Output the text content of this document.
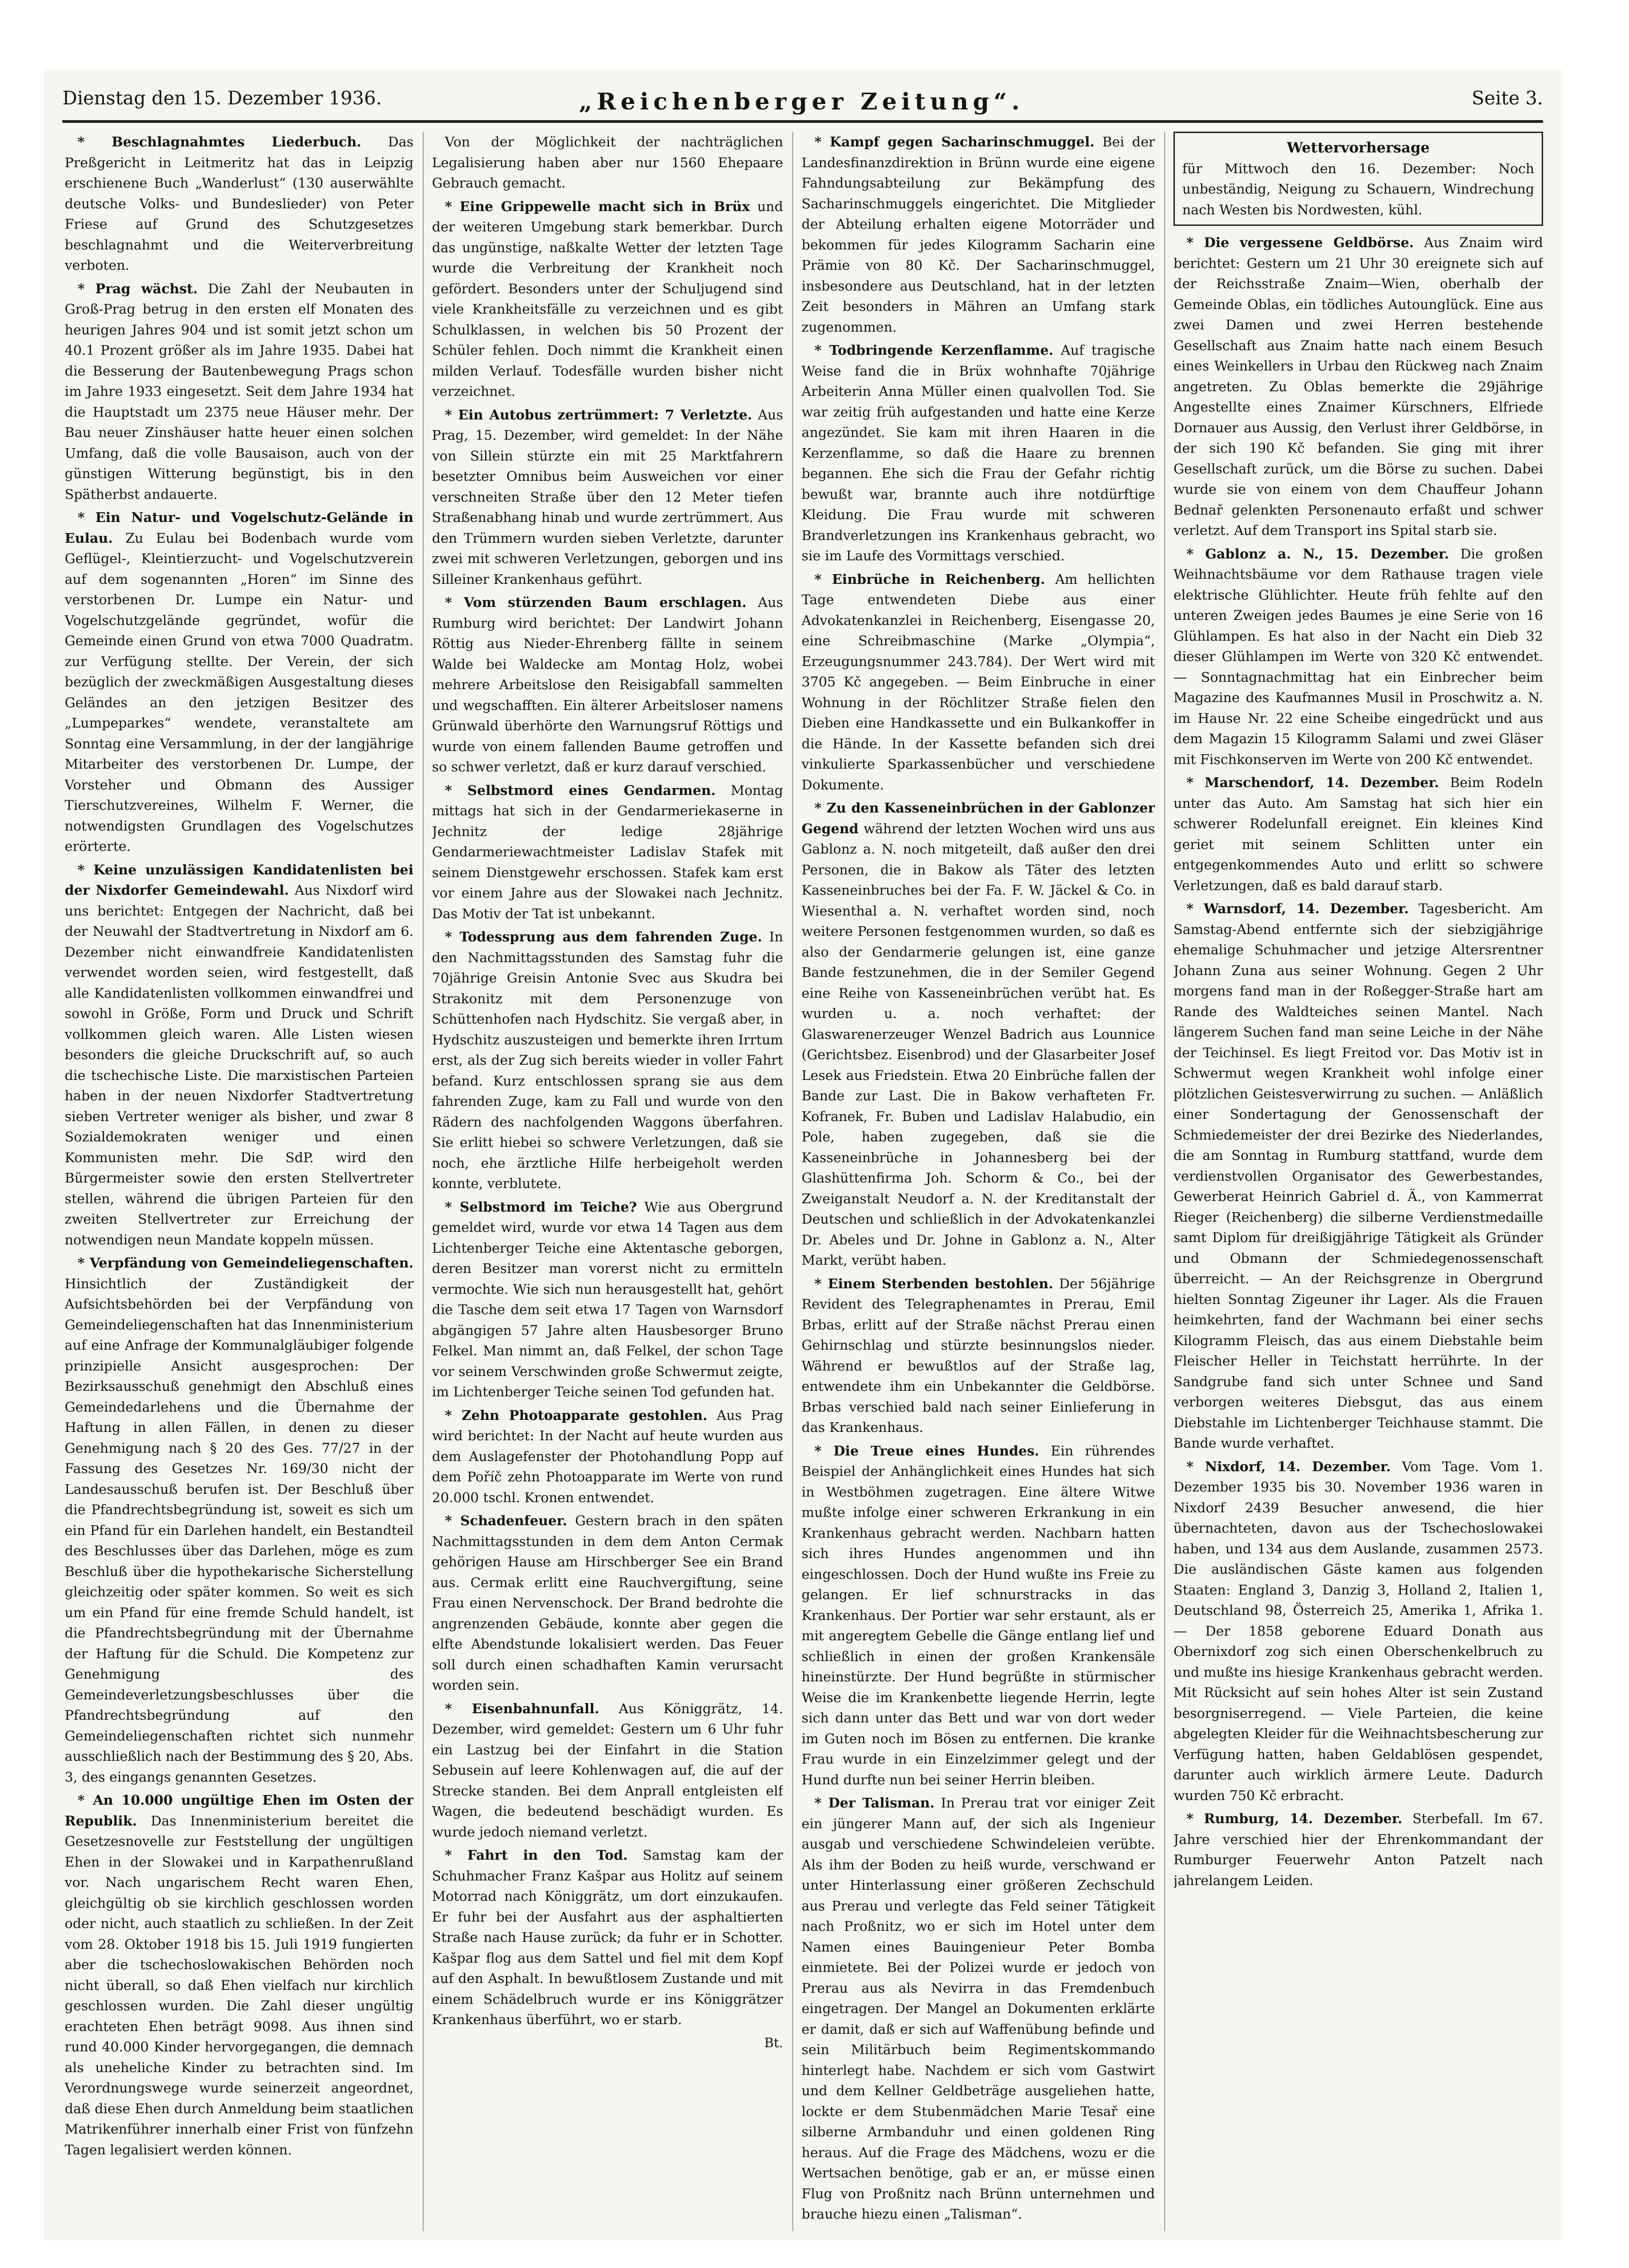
Dienstag den 15. Dezember 1936.	„Reichenberger Zeitung“.	Seite 3.

* Beschlagnahmtes Liederbuch. Das Preßgericht in Leitmeritz hat das in Leipzig erschienene Buch „Wanderlust“ (130 auserwählte deutsche Volks- und Bundeslieder) von Peter Friese auf Grund des Schutzgesetzes beschlagnahmt und die Weiterverbreitung verboten.

* Prag wächst. Die Zahl der Neubauten in Groß-Prag betrug in den ersten elf Monaten des heurigen Jahres 904 und ist somit jetzt schon um 40.1 Prozent größer als im Jahre 1935. Dabei hat die Besserung der Bautenbewegung Prags schon im Jahre 1933 eingesetzt. Seit dem Jahre 1934 hat die Hauptstadt um 2375 neue Häuser mehr. Der Bau neuer Zinshäuser hatte heuer einen solchen Umfang, daß die volle Bausaison, auch von der günstigen Witterung begünstigt, bis in den Spätherbst andauerte.

* Ein Natur- und Vogelschutz-Gelände in Eulau. Zu Eulau bei Bodenbach wurde vom Geflügel-, Kleintierzucht- und Vogelschutzverein auf dem sogenannten „Horen“ im Sinne des verstorbenen Dr. Lumpe ein Natur- und Vogelschutzgelände gegründet, wofür die Gemeinde einen Grund von etwa 7000 Quadratm. zur Verfügung stellte. Der Verein, der sich bezüglich der zweckmäßigen Ausgestaltung dieses Geländes an den jetzigen Besitzer des „Lumpeparkes“ wendete, veranstaltete am Sonntag eine Versammlung, in der der langjährige Mitarbeiter des verstorbenen Dr. Lumpe, der Vorsteher und Obmann des Aussiger Tierschutzvereines, Wilhelm F. Werner, die notwendigsten Grundlagen des Vogelschutzes erörterte.

* Keine unzulässigen Kandidatenlisten bei der Nixdorfer Gemeindewahl. Aus Nixdorf wird uns berichtet: Entgegen der Nachricht, daß bei der Neuwahl der Stadtvertretung in Nixdorf am 6. Dezember nicht einwandfreie Kandidatenlisten verwendet worden seien, wird festgestellt, daß alle Kandidatenlisten vollkommen einwandfrei und sowohl in Größe, Form und Druck und Schrift vollkommen gleich waren. Alle Listen wiesen besonders die gleiche Druckschrift auf, so auch die tschechische Liste. Die marxistischen Parteien haben in der neuen Nixdorfer Stadtvertretung sieben Vertreter weniger als bisher, und zwar 8 Sozialdemokraten weniger und einen Kommunisten mehr. Die SdP. wird den Bürgermeister sowie den ersten Stellvertreter stellen, während die übrigen Parteien für den zweiten Stellvertreter zur Erreichung der notwendigen neun Mandate koppeln müssen.

* Verpfändung von Gemeindeliegenschaften. Hinsichtlich der Zuständigkeit der Aufsichtsbehörden bei der Verpfändung von Gemeindeliegenschaften hat das Innenministerium auf eine Anfrage der Kommunalgläubiger folgende prinzipielle Ansicht ausgesprochen: Der Bezirksausschuß genehmigt den Abschluß eines Gemeindedarlehens und die Übernahme der Haftung in allen Fällen, in denen zu dieser Genehmigung nach § 20 des Ges. 77/27 in der Fassung des Gesetzes Nr. 169/30 nicht der Landesausschuß berufen ist. Der Beschluß über die Pfandrechtsbegründung ist, soweit es sich um ein Pfand für ein Darlehen handelt, ein Bestandteil des Beschlusses über das Darlehen, möge es zum Beschluß über die hypothekarische Sicherstellung gleichzeitig oder später kommen. So weit es sich um ein Pfand für eine fremde Schuld handelt, ist die Pfandrechtsbegründung mit der Übernahme der Haftung für die Schuld. Die Kompetenz zur Genehmigung des Gemeindeverletzungsbeschlusses über die Pfandrechtsbegründung auf den Gemeindeliegenschaften richtet sich nunmehr ausschließlich nach der Bestimmung des § 20, Abs. 3, des eingangs genannten Gesetzes.

* An 10.000 ungültige Ehen im Osten der Republik. Das Innenministerium bereitet die Gesetzesnovelle zur Feststellung der ungültigen Ehen in der Slowakei und in Karpathenrußland vor. Nach ungarischem Recht waren Ehen, gleichgültig ob sie kirchlich geschlossen worden oder nicht, auch staatlich zu schließen. In der Zeit vom 28. Oktober 1918 bis 15. Juli 1919 fungierten aber die tschechoslowakischen Behörden noch nicht überall, so daß Ehen vielfach nur kirchlich geschlossen wurden. Die Zahl dieser ungültig erachteten Ehen beträgt 9098. Aus ihnen sind rund 40.000 Kinder hervorgegangen, die demnach als uneheliche Kinder zu betrachten sind. Im Verordnungswege wurde seinerzeit angeordnet, daß diese Ehen durch Anmeldung beim staatlichen Matrikenführer innerhalb einer Frist von fünfzehn Tagen legalisiert werden können.

Von der Möglichkeit der nachträglichen Legalisierung haben aber nur 1560 Ehepaare Gebrauch gemacht.

* Eine Grippewelle macht sich in Brüx und der weiteren Umgebung stark bemerkbar. Durch das ungünstige, naßkalte Wetter der letzten Tage wurde die Verbreitung der Krankheit noch gefördert. Besonders unter der Schuljugend sind viele Krankheitsfälle zu verzeichnen und es gibt Schulklassen, in welchen bis 50 Prozent der Schüler fehlen. Doch nimmt die Krankheit einen milden Verlauf. Todesfälle wurden bisher nicht verzeichnet.

* Ein Autobus zertrümmert: 7 Verletzte. Aus Prag, 15. Dezember, wird gemeldet: In der Nähe von Sillein stürzte ein mit 25 Marktfahrern besetzter Omnibus beim Ausweichen vor einer verschneiten Straße über den 12 Meter tiefen Straßenabhang hinab und wurde zertrümmert. Aus den Trümmern wurden sieben Verletzte, darunter zwei mit schweren Verletzungen, geborgen und ins Silleiner Krankenhaus geführt.

* Vom stürzenden Baum erschlagen. Aus Rumburg wird berichtet: Der Landwirt Johann Röttig aus Nieder-Ehrenberg fällte in seinem Walde bei Waldecke am Montag Holz, wobei mehrere Arbeitslose den Reisigabfall sammelten und wegschafften. Ein älterer Arbeitsloser namens Grünwald überhörte den Warnungsruf Röttigs und wurde von einem fallenden Baume getroffen und so schwer verletzt, daß er kurz darauf verschied.

* Selbstmord eines Gendarmen. Montag mittags hat sich in der Gendarmeriekaserne in Jechnitz der ledige 28jährige Gendarmeriewachtmeister Ladislav Stafek mit seinem Dienstgewehr erschossen. Stafek kam erst vor einem Jahre aus der Slowakei nach Jechnitz. Das Motiv der Tat ist unbekannt.

* Todessprung aus dem fahrenden Zuge. In den Nachmittagsstunden des Samstag fuhr die 70jährige Greisin Antonie Svec aus Skudra bei Strakonitz mit dem Personenzuge von Schüttenhofen nach Hydschitz. Sie vergaß aber, in Hydschitz auszusteigen und bemerkte ihren Irrtum erst, als der Zug sich bereits wieder in voller Fahrt befand. Kurz entschlossen sprang sie aus dem fahrenden Zuge, kam zu Fall und wurde von den Rädern des nachfolgenden Waggons überfahren. Sie erlitt hiebei so schwere Verletzungen, daß sie noch, ehe ärztliche Hilfe herbeigeholt werden konnte, verblutete.

* Selbstmord im Teiche? Wie aus Obergrund gemeldet wird, wurde vor etwa 14 Tagen aus dem Lichtenberger Teiche eine Aktentasche geborgen, deren Besitzer man vorerst nicht zu ermitteln vermochte. Wie sich nun herausgestellt hat, gehört die Tasche dem seit etwa 17 Tagen von Warnsdorf abgängigen 57 Jahre alten Hausbesorger Bruno Felkel. Man nimmt an, daß Felkel, der schon Tage vor seinem Verschwinden große Schwermut zeigte, im Lichtenberger Teiche seinen Tod gefunden hat.

* Zehn Photoapparate gestohlen. Aus Prag wird berichtet: In der Nacht auf heute wurden aus dem Auslagefenster der Photohandlung Popp auf dem Poříč zehn Photoapparate im Werte von rund 20.000 tschl. Kronen entwendet.

* Schadenfeuer. Gestern brach in den späten Nachmittagsstunden in dem dem Anton Cermak gehörigen Hause am Hirschberger See ein Brand aus. Cermak erlitt eine Rauchvergiftung, seine Frau einen Nervenschock. Der Brand bedrohte die angrenzenden Gebäude, konnte aber gegen die elfte Abendstunde lokalisiert werden. Das Feuer soll durch einen schadhaften Kamin verursacht worden sein.

* Eisenbahnunfall. Aus Königgrätz, 14. Dezember, wird gemeldet: Gestern um 6 Uhr fuhr ein Lastzug bei der Einfahrt in die Station Sebusein auf leere Kohlenwagen auf, die auf der Strecke standen. Bei dem Anprall entgleisten elf Wagen, die bedeutend beschädigt wurden. Es wurde jedoch niemand verletzt.

* Fahrt in den Tod. Samstag kam der Schuhmacher Franz Kašpar aus Holitz auf seinem Motorrad nach Königgrätz, um dort einzukaufen. Er fuhr bei der Ausfahrt aus der asphaltierten Straße nach Hause zurück; da fuhr er in Schotter. Kašpar flog aus dem Sattel und fiel mit dem Kopf auf den Asphalt. In bewußtlosem Zustande und mit einem Schädelbruch wurde er ins Königgrätzer Krankenhaus überführt, wo er starb.

Bt.

* Kampf gegen Sacharinschmuggel. Bei der Landesfinanzdirektion in Brünn wurde eine eigene Fahndungsabteilung zur Bekämpfung des Sacharinschmuggels eingerichtet. Die Mitglieder der Abteilung erhalten eigene Motorräder und bekommen für jedes Kilogramm Sacharin eine Prämie von 80 Kč. Der Sacharinschmuggel, insbesondere aus Deutschland, hat in der letzten Zeit besonders in Mähren an Umfang stark zugenommen.

* Todbringende Kerzenflamme. Auf tragische Weise fand die in Brüx wohnhafte 70jährige Arbeiterin Anna Müller einen qualvollen Tod. Sie war zeitig früh aufgestanden und hatte eine Kerze angezündet. Sie kam mit ihren Haaren in die Kerzenflamme, so daß die Haare zu brennen begannen. Ehe sich die Frau der Gefahr richtig bewußt war, brannte auch ihre notdürftige Kleidung. Die Frau wurde mit schweren Brandverletzungen ins Krankenhaus gebracht, wo sie im Laufe des Vormittags verschied.

* Einbrüche in Reichenberg. Am hellichten Tage entwendeten Diebe aus einer Advokatenkanzlei in Reichenberg, Eisengasse 20, eine Schreibmaschine (Marke „Olympia“, Erzeugungsnummer 243.784). Der Wert wird mit 3705 Kč angegeben. — Beim Einbruche in einer Wohnung in der Röchlitzer Straße fielen den Dieben eine Handkassette und ein Bulkankoffer in die Hände. In der Kassette befanden sich drei vinkulierte Sparkassenbücher und verschiedene Dokumente.

* Zu den Kasseneinbrüchen in der Gablonzer Gegend während der letzten Wochen wird uns aus Gablonz a. N. noch mitgeteilt, daß außer den drei Personen, die in Bakow als Täter des letzten Kasseneinbruches bei der Fa. F. W. Jäckel & Co. in Wiesenthal a. N. verhaftet worden sind, noch weitere Personen festgenommen wurden, so daß es also der Gendarmerie gelungen ist, eine ganze Bande festzunehmen, die in der Semiler Gegend eine Reihe von Kasseneinbrüchen verübt hat. Es wurden u. a. noch verhaftet: der Glaswarenerzeuger Wenzel Badrich aus Lounnice (Gerichtsbez. Eisenbrod) und der Glasarbeiter Josef Lesek aus Friedstein. Etwa 20 Einbrüche fallen der Bande zur Last. Die in Bakow verhafteten Fr. Kofranek, Fr. Buben und Ladislav Halabudio, ein Pole, haben zugegeben, daß sie die Kasseneinbrüche in Johannesberg bei der Glashüttenfirma Joh. Schorm & Co., bei der Zweiganstalt Neudorf a. N. der Kreditanstalt der Deutschen und schließlich in der Advokatenkanzlei Dr. Abeles und Dr. Johne in Gablonz a. N., Alter Markt, verübt haben.

* Einem Sterbenden bestohlen. Der 56jährige Revident des Telegraphenamtes in Prerau, Emil Brbas, erlitt auf der Straße nächst Prerau einen Gehirnschlag und stürzte besinnungslos nieder. Während er bewußtlos auf der Straße lag, entwendete ihm ein Unbekannter die Geldbörse. Brbas verschied bald nach seiner Einlieferung in das Krankenhaus.

* Die Treue eines Hundes. Ein rührendes Beispiel der Anhänglichkeit eines Hundes hat sich in Westböhmen zugetragen. Eine ältere Witwe mußte infolge einer schweren Erkrankung in ein Krankenhaus gebracht werden. Nachbarn hatten sich ihres Hundes angenommen und ihn eingeschlossen. Doch der Hund wußte ins Freie zu gelangen. Er lief schnurstracks in das Krankenhaus. Der Portier war sehr erstaunt, als er mit angeregtem Gebelle die Gänge entlang lief und schließlich in einen der großen Krankensäle hineinstürzte. Der Hund begrüßte in stürmischer Weise die im Krankenbette liegende Herrin, legte sich dann unter das Bett und war von dort weder im Guten noch im Bösen zu entfernen. Die kranke Frau wurde in ein Einzelzimmer gelegt und der Hund durfte nun bei seiner Herrin bleiben.

* Der Talisman. In Prerau trat vor einiger Zeit ein jüngerer Mann auf, der sich als Ingenieur ausgab und verschiedene Schwindeleien verübte. Als ihm der Boden zu heiß wurde, verschwand er unter Hinterlassung einer größeren Zechschuld aus Prerau und verlegte das Feld seiner Tätigkeit nach Proßnitz, wo er sich im Hotel unter dem Namen eines Bauingenieur Peter Bomba einmietete. Bei der Polizei wurde er jedoch von Prerau aus als Nevirra in das Fremdenbuch eingetragen. Der Mangel an Dokumenten erklärte er damit, daß er sich auf Waffenübung befinde und sein Militärbuch beim Regimentskommando hinterlegt habe. Nachdem er sich vom Gastwirt und dem Kellner Geldbeträge ausgeliehen hatte, lockte er dem Stubenmädchen Marie Tesař eine silberne Armbanduhr und einen goldenen Ring heraus. Auf die Frage des Mädchens, wozu er die Wertsachen benötige, gab er an, er müsse einen Flug von Proßnitz nach Brünn unternehmen und brauche hiezu einen „Talisman“.

Wettervorhersage

für Mittwoch den 16. Dezember: Noch unbeständig, Neigung zu Schauern, Windrechung nach Westen bis Nordwesten, kühl.

* Die vergessene Geldbörse. Aus Znaim wird berichtet: Gestern um 21 Uhr 30 ereignete sich auf der Reichsstraße Znaim—Wien, oberhalb der Gemeinde Oblas, ein tödliches Autounglück. Eine aus zwei Damen und zwei Herren bestehende Gesellschaft aus Znaim hatte nach einem Besuch eines Weinkellers in Urbau den Rückweg nach Znaim angetreten. Zu Oblas bemerkte die 29jährige Angestellte eines Znaimer Kürschners, Elfriede Dornauer aus Aussig, den Verlust ihrer Geldbörse, in der sich 190 Kč befanden. Sie ging mit ihrer Gesellschaft zurück, um die Börse zu suchen. Dabei wurde sie von einem von dem Chauffeur Johann Bednař gelenkten Personenauto erfaßt und schwer verletzt. Auf dem Transport ins Spital starb sie.

* Gablonz a. N., 15. Dezember. Die großen Weihnachtsbäume vor dem Rathause tragen viele elektrische Glühlichter. Heute früh fehlte auf den unteren Zweigen jedes Baumes je eine Serie von 16 Glühlampen. Es hat also in der Nacht ein Dieb 32 dieser Glühlampen im Werte von 320 Kč entwendet. — Sonntagnachmittag hat ein Einbrecher beim Magazine des Kaufmannes Musil in Proschwitz a. N. im Hause Nr. 22 eine Scheibe eingedrückt und aus dem Magazin 15 Kilogramm Salami und zwei Gläser mit Fischkonserven im Werte von 200 Kč entwendet.

* Marschendorf, 14. Dezember. Beim Rodeln unter das Auto. Am Samstag hat sich hier ein schwerer Rodelunfall ereignet. Ein kleines Kind geriet mit seinem Schlitten unter ein entgegenkommendes Auto und erlitt so schwere Verletzungen, daß es bald darauf starb.

* Warnsdorf, 14. Dezember. Tagesbericht. Am Samstag-Abend entfernte sich der siebzigjährige ehemalige Schuhmacher und jetzige Altersrentner Johann Zuna aus seiner Wohnung. Gegen 2 Uhr morgens fand man in der Roßegger-Straße hart am Rande des Waldteiches seinen Mantel. Nach längerem Suchen fand man seine Leiche in der Nähe der Teichinsel. Es liegt Freitod vor. Das Motiv ist in Schwermut wegen Krankheit wohl infolge einer plötzlichen Geistesverwirrung zu suchen. — Anläßlich einer Sondertagung der Genossenschaft der Schmiedemeister der drei Bezirke des Niederlandes, die am Sonntag in Rumburg stattfand, wurde dem verdienstvollen Organisator des Gewerbestandes, Gewerberat Heinrich Gabriel d. Ä., von Kammerrat Rieger (Reichenberg) die silberne Verdienstmedaille samt Diplom für dreißigjährige Tätigkeit als Gründer und Obmann der Schmiedegenossenschaft überreicht. — An der Reichsgrenze in Obergrund hielten Sonntag Zigeuner ihr Lager. Als die Frauen heimkehrten, fand der Wachmann bei einer sechs Kilogramm Fleisch, das aus einem Diebstahle beim Fleischer Heller in Teichstatt herrührte. In der Sandgrube fand sich unter Schnee und Sand verborgen weiteres Diebsgut, das aus einem Diebstahle im Lichtenberger Teichhause stammt. Die Bande wurde verhaftet.

* Nixdorf, 14. Dezember. Vom Tage. Vom 1. Dezember 1935 bis 30. November 1936 waren in Nixdorf 2439 Besucher anwesend, die hier übernachteten, davon aus der Tschechoslowakei haben, und 134 aus dem Auslande, zusammen 2573. Die ausländischen Gäste kamen aus folgenden Staaten: England 3, Danzig 3, Holland 2, Italien 1, Deutschland 98, Österreich 25, Amerika 1, Afrika 1. — Der 1858 geborene Eduard Donath aus Obernixdorf zog sich einen Oberschenkelbruch zu und mußte ins hiesige Krankenhaus gebracht werden. Mit Rücksicht auf sein hohes Alter ist sein Zustand besorgniserregend. — Viele Parteien, die keine abgelegten Kleider für die Weihnachtsbescherung zur Verfügung hatten, haben Geldablösen gespendet, darunter auch wirklich ärmere Leute. Dadurch wurden 750 Kč erbracht.

* Rumburg, 14. Dezember. Sterbefall. Im 67. Jahre verschied hier der Ehrenkommandant der Rumburger Feuerwehr Anton Patzelt nach jahrelangem Leiden.
